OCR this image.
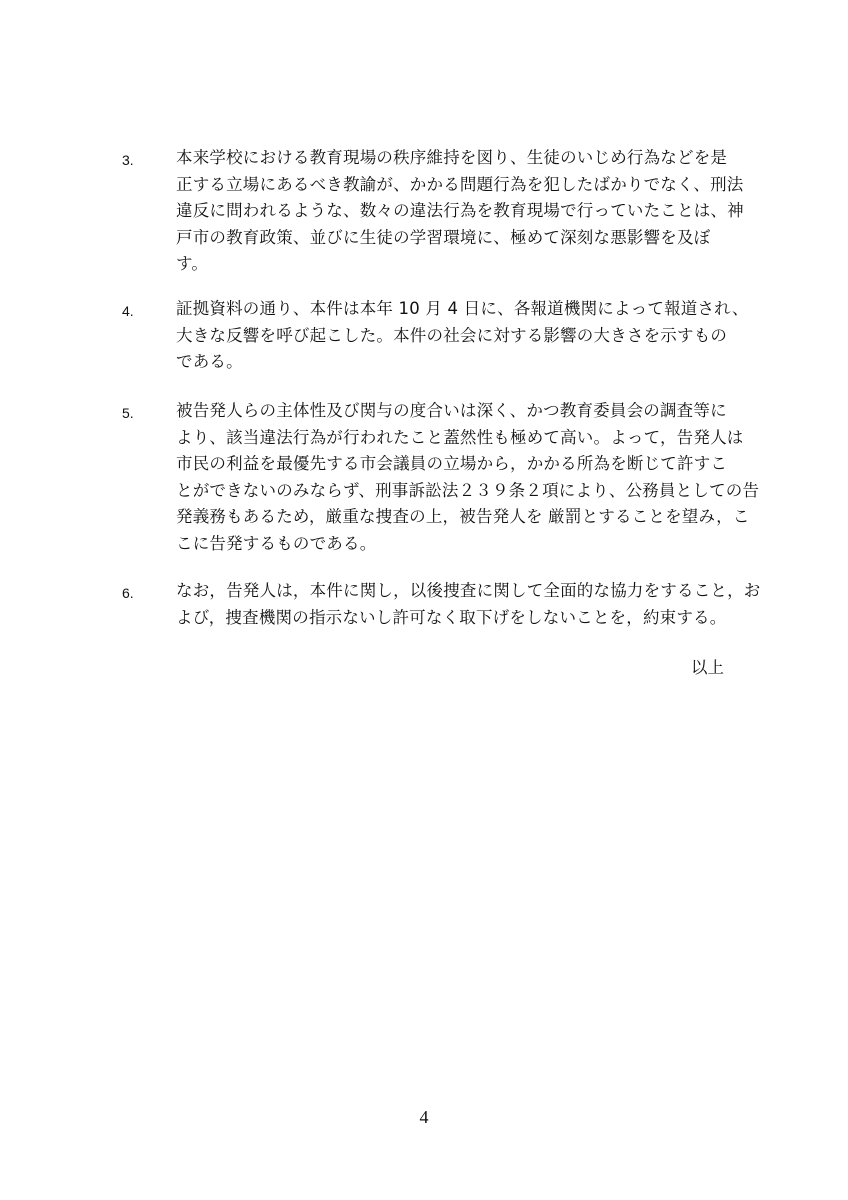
3.	本来学校における教育現場の秩序維持を図り、生徒のいじめ行為などを是
正する立場にあるべき教諭が、かかる問題行為を犯したばかりでなく、刑法
違反に問われるような、数々の違法行為を教育現場で行っていたことは、神
戸市の教育政策、並びに生徒の学習環境に、極めて深刻な悪影響を及ぼ
す。
4.	証拠資料の通り、本件は本年 10 月 4 日に、各報道機関によって報道され、
大きな反響を呼び起こした。本件の社会に対する影響の大きさを示すもの
である。
5.	被告発人らの主体性及び関与の度合いは深く、かつ教育委員会の調査等に
より、該当違法行為が行われたこと蓋然性も極めて高い。よって，告発人は
市民の利益を最優先する市会議員の立場から，かかる所為を断じて許すこ
とができないのみならず、刑事訴訟法２３９条２項により、公務員としての告
発義務もあるため，厳重な捜査の上，被告発人を 厳罰とすることを望み，こ
こに告発するものである。
6.	なお，告発人は，本件に関し，以後捜査に関して全面的な協力をすること，お
よび，捜査機関の指示ないし許可なく取下げをしないことを，約束する。
以上
4
